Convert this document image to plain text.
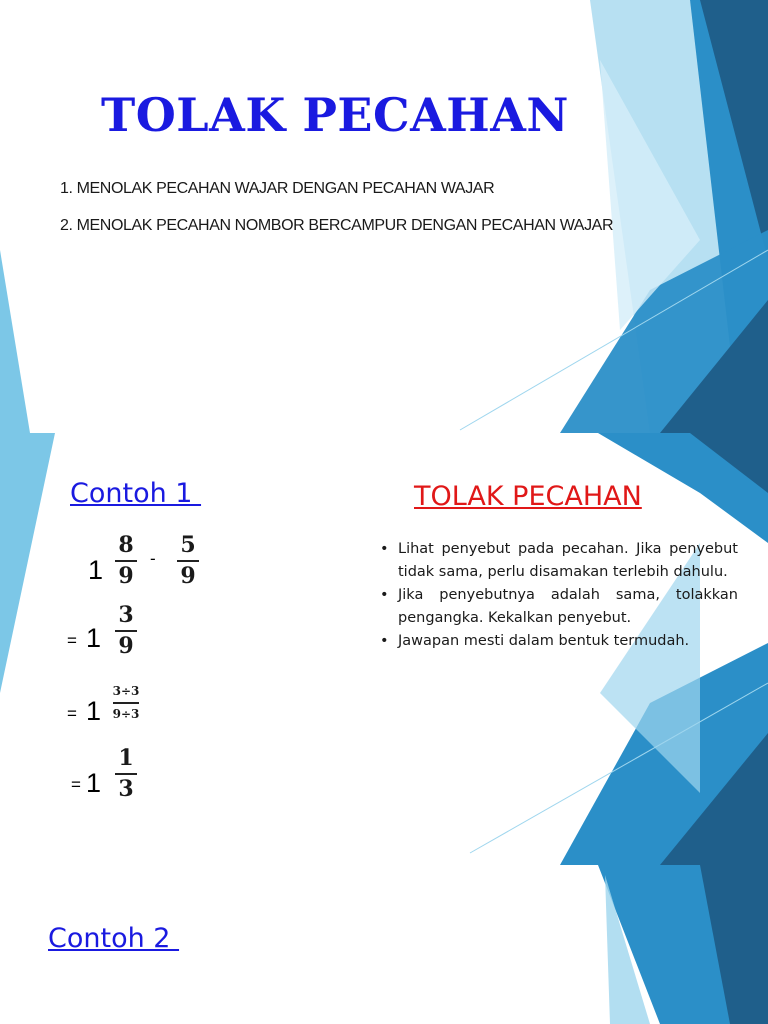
TOLAK PECAHAN
1. MENOLAK PECAHAN WAJAR DENGAN PECAHAN WAJAR
2. MENOLAK PECAHAN NOMBOR BERCAMPUR DENGAN PECAHAN WAJAR
Contoh 1
1
8
9
-
5
9
= 1
3
9
= 1
3÷3
9÷3
= 1
1
3
TOLAK PECAHAN
• Lihat penyebut pada pecahan. Jika penyebut tidak sama, perlu disamakan terlebih dahulu.
• Jika penyebutnya adalah sama, tolakkan pengangka. Kekalkan penyebut.
• Jawapan mesti dalam bentuk termudah.
Contoh 2
